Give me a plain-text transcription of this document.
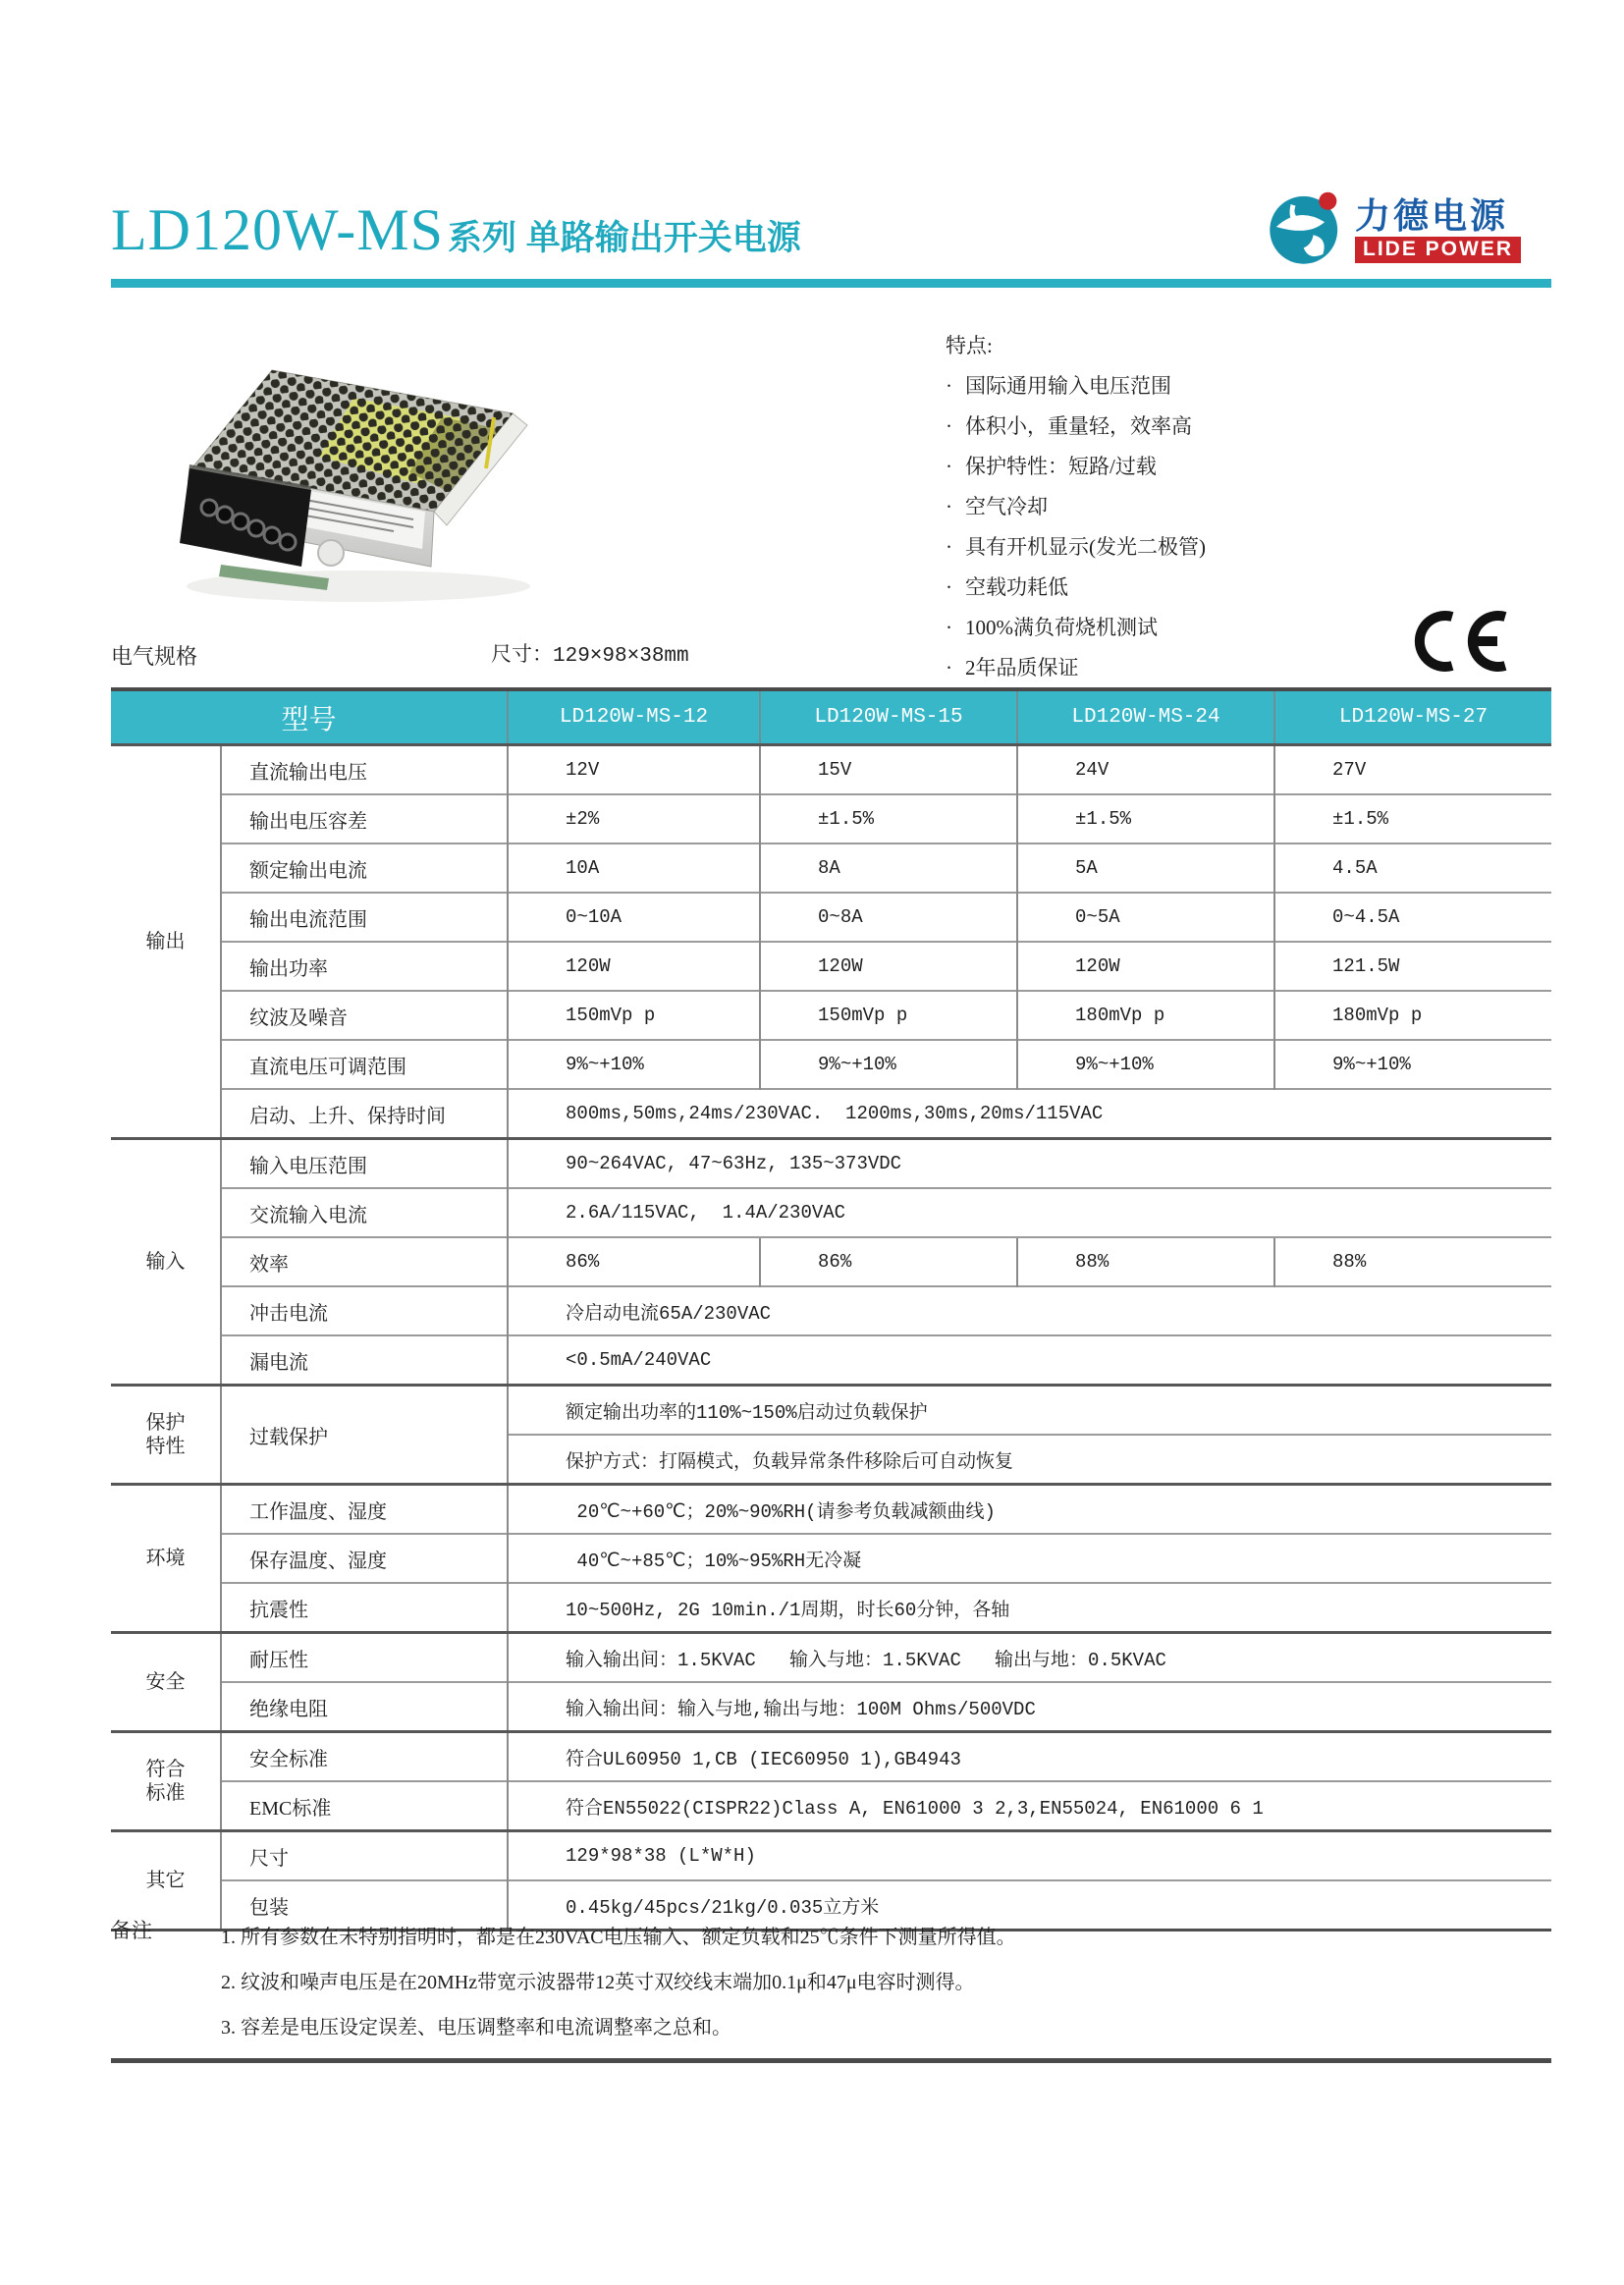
LD120W-MS 系列 单路输出开关电源
力德电源
LIDE POWER
特点:
· 国际通用输入电压范围
· 体积小，重量轻，效率高
· 保护特性：短路/过载
· 空气冷却
· 具有开机显示(发光二极管)
· 空载功耗低
· 100%满负荷烧机测试
· 2年品质保证
电气规格	尺寸：129×98×38mm
型号		LD120W-MS-12	LD120W-MS-15	LD120W-MS-24	LD120W-MS-27

输出	直流输出电压	12V	15V	24V	27V
	输出电压容差	±2%	±1.5%	±1.5%	±1.5%
	额定输出电流	10A	8A	5A	4.5A
	输出电流范围	0~10A	0~8A	0~5A	0~4.5A
	输出功率	120W	120W	120W	121.5W
	纹波及噪音	150mVp p	150mVp p	180mVp p	180mVp p
	直流电压可调范围	9%~+10%	9%~+10%	9%~+10%	9%~+10%
	启动、上升、保持时间	800ms,50ms,24ms/230VAC.  1200ms,30ms,20ms/115VAC			

输入	输入电压范围	90~264VAC, 47~63Hz, 135~373VDC			
	交流输入电流	2.6A/115VAC,  1.4A/230VAC			
	效率	86%	86%	88%	88%
	冲击电流	冷启动电流65A/230VAC			
	漏电流	<0.5mA/240VAC			

保护特性	过载保护	额定输出功率的110%~150%启动过负载保护			
		保护方式：打隔模式，负载异常条件移除后可自动恢复			

环境	工作温度、湿度	20℃~+60℃；20%~90%RH(请参考负载减额曲线)			
	保存温度、湿度	40℃~+85℃；10%~95%RH无冷凝			
	抗震性	10~500Hz, 2G 10min./1周期，时长60分钟，各轴			

安全	耐压性	输入输出间：1.5KVAC   输入与地：1.5KVAC   输出与地：0.5KVAC			
	绝缘电阻	输入输出间：输入与地,输出与地：100M Ohms/500VDC			

符合标准	安全标准	符合UL60950 1,CB (IEC60950 1),GB4943			
	EMC标准	符合EN55022(CISPR22)Class A, EN61000 3 2,3,EN55024, EN61000 6 1			

其它	尺寸	129*98*38 (L*W*H)			
	包装	0.45kg/45pcs/21kg/0.035立方米			
备注	1. 所有参数在未特别指明时，都是在230VAC电压输入、额定负载和25℃条件下测量所得值。
2. 纹波和噪声电压是在20MHz带宽示波器带12英寸双绞线末端加0.1μ和47μ电容时测得。
3. 容差是电压设定误差、电压调整率和电流调整率之总和。
